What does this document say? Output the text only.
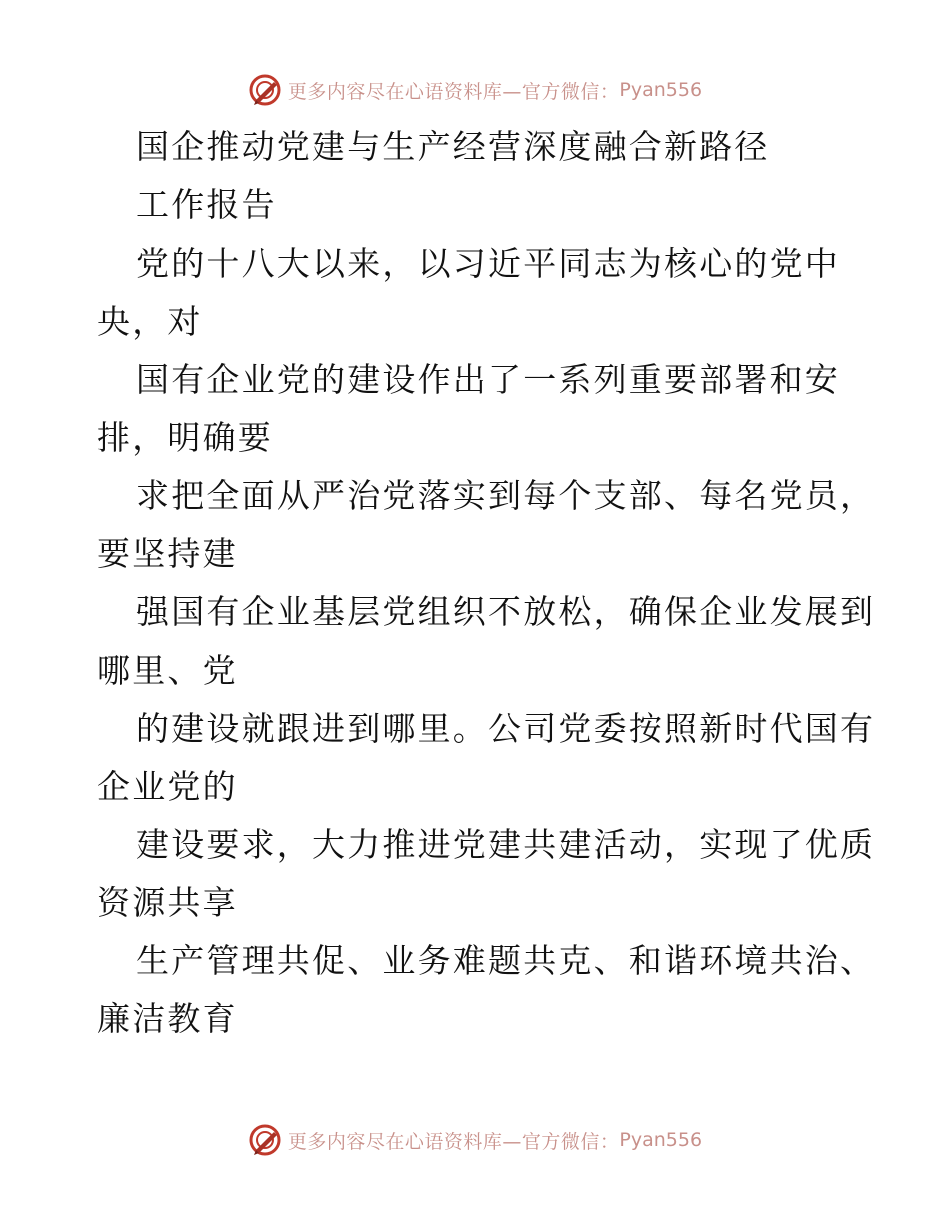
更多内容尽在心语资料库—官方微信： Pyan556
国企推动党建与生产经营深度融合新路径
工作报告
党的十八大以来，以习近平同志为核心的党中
央，对
国有企业党的建设作出了一系列重要部署和安
排，明确要
求把全面从严治党落实到每个支部、每名党员，
要坚持建
强国有企业基层党组织不放松，确保企业发展到
哪里、党
的建设就跟进到哪里。公司党委按照新时代国有
企业党的
建设要求，大力推进党建共建活动，实现了优质
资源共享
生产管理共促、业务难题共克、和谐环境共治、
廉洁教育
更多内容尽在心语资料库—官方微信： Pyan556
